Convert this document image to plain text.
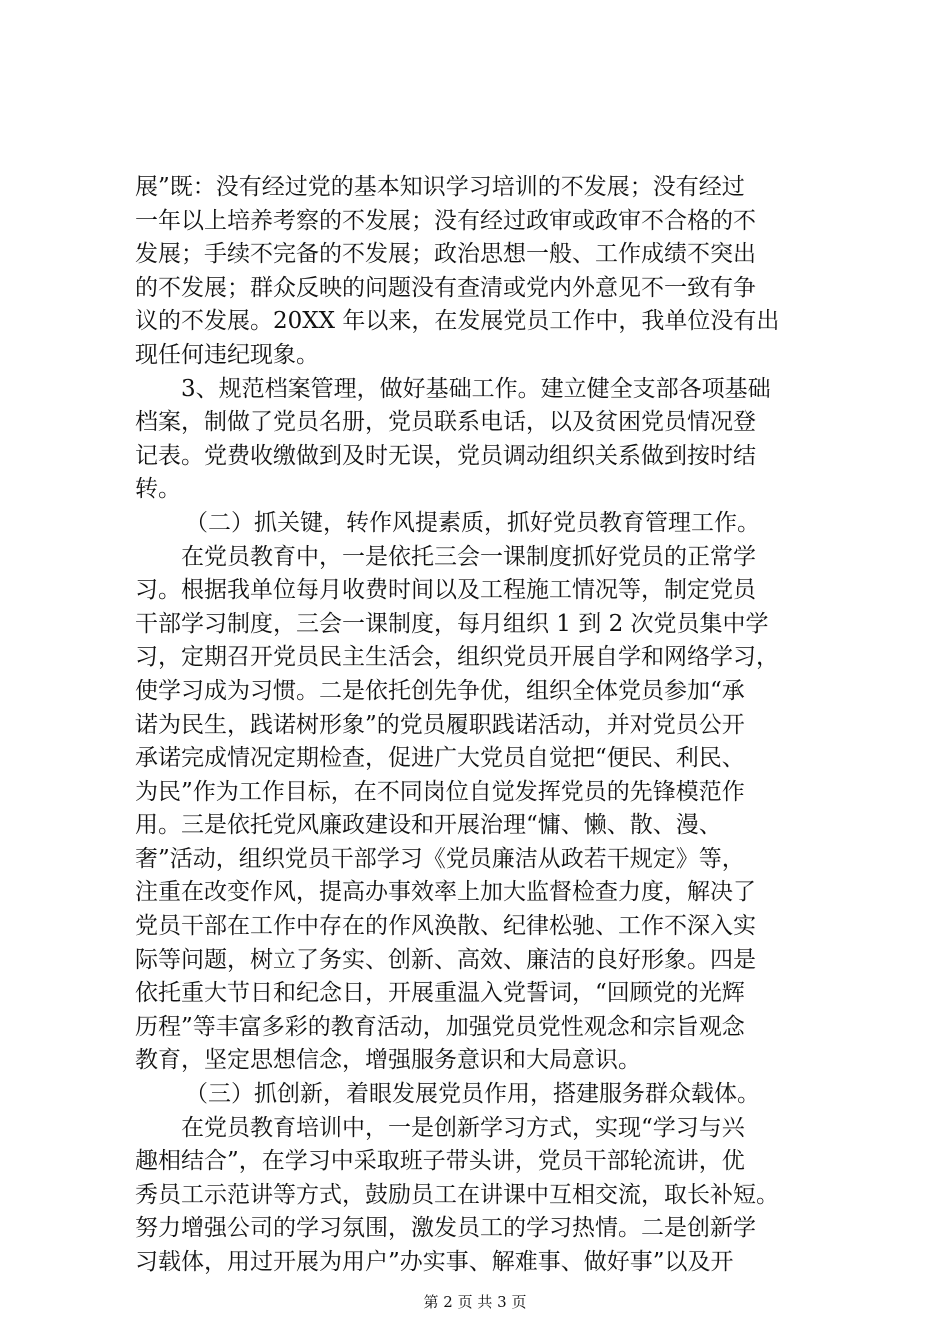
展”既：没有经过党的基本知识学习培训的不发展；没有经过
一年以上培养考察的不发展；没有经过政审或政审不合格的不
发展；手续不完备的不发展；政治思想一般、工作成绩不突出
的不发展；群众反映的问题没有查清或党内外意见不一致有争
议的不发展。20XX 年以来，在发展党员工作中，我单位没有出
现任何违纪现象。
3、规范档案管理，做好基础工作。建立健全支部各项基础
档案，制做了党员名册，党员联系电话，以及贫困党员情况登
记表。党费收缴做到及时无误，党员调动组织关系做到按时结
转。
（二）抓关键，转作风提素质，抓好党员教育管理工作。
在党员教育中，一是依托三会一课制度抓好党员的正常学
习。根据我单位每月收费时间以及工程施工情况等，制定党员
干部学习制度，三会一课制度，每月组织 1 到 2 次党员集中学
习，定期召开党员民主生活会，组织党员开展自学和网络学习，
使学习成为习惯。二是依托创先争优，组织全体党员参加“承
诺为民生，践诺树形象”的党员履职践诺活动，并对党员公开
承诺完成情况定期检查，促进广大党员自觉把“便民、利民、
为民”作为工作目标，在不同岗位自觉发挥党员的先锋模范作
用。三是依托党风廉政建设和开展治理“慵、懒、散、漫、
奢”活动，组织党员干部学习《党员廉洁从政若干规定》等，
注重在改变作风，提高办事效率上加大监督检查力度，解决了
党员干部在工作中存在的作风涣散、纪律松驰、工作不深入实
际等问题，树立了务实、创新、高效、廉洁的良好形象。四是
依托重大节日和纪念日，开展重温入党誓词，“回顾党的光辉
历程”等丰富多彩的教育活动，加强党员党性观念和宗旨观念
教育，坚定思想信念，增强服务意识和大局意识。
（三）抓创新，着眼发展党员作用，搭建服务群众载体。
在党员教育培训中，一是创新学习方式，实现“学习与兴
趣相结合”，在学习中采取班子带头讲，党员干部轮流讲，优
秀员工示范讲等方式，鼓励员工在讲课中互相交流，取长补短。
努力增强公司的学习氛围，激发员工的学习热情。二是创新学
习载体，用过开展为用户”办实事、解难事、做好事”以及开
第 2 页 共 3 页
